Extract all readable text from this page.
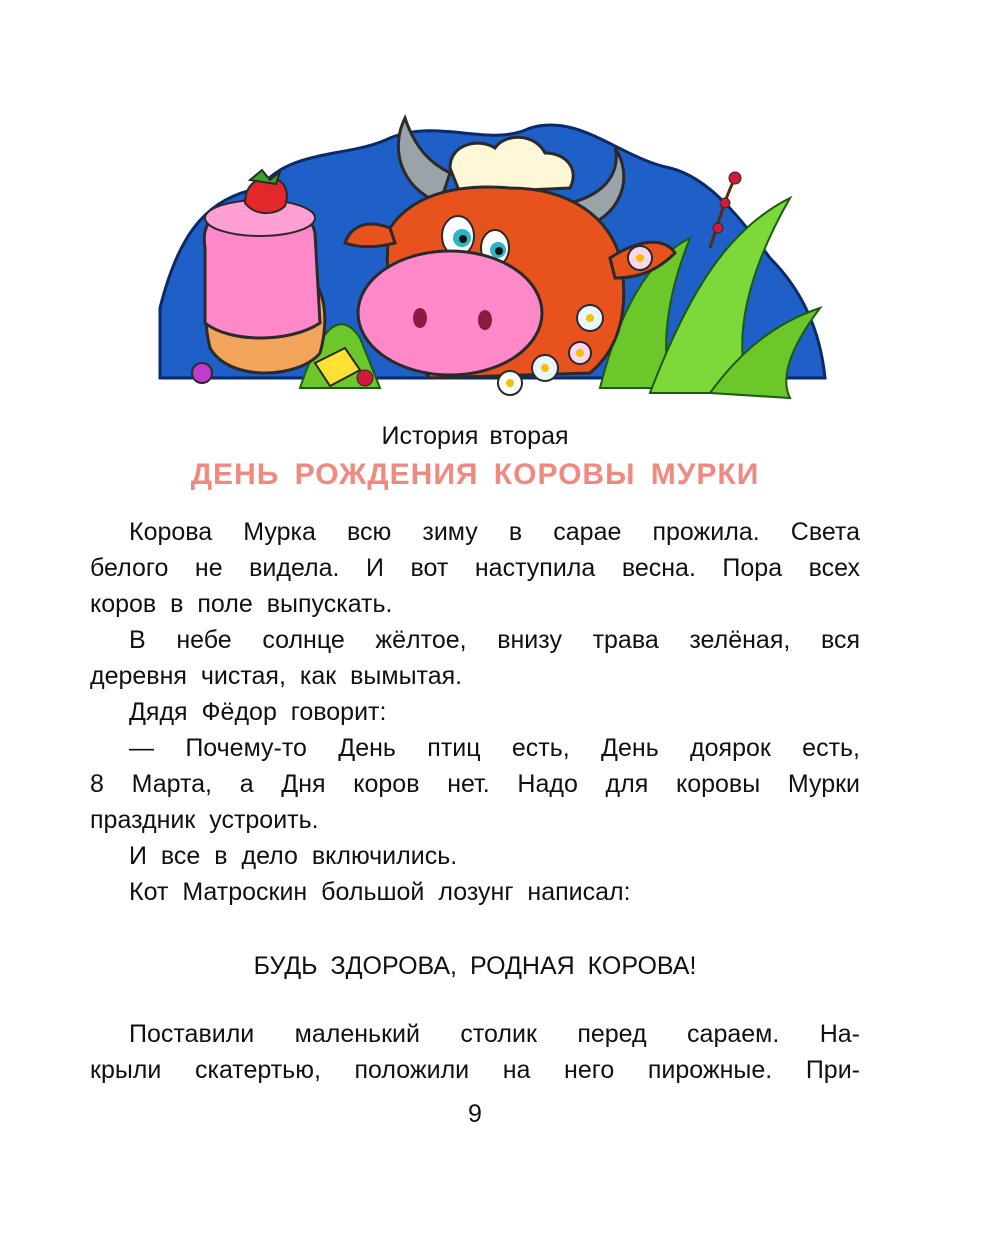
История вторая
ДЕНЬ РОЖДЕНИЯ КОРОВЫ МУРКИ
Корова Мурка всю зиму в сарае прожила. Света
белого не видела. И вот наступила весна. Пора всех
коров в поле выпускать.
В небе солнце жёлтое, внизу трава зелёная, вся
деревня чистая, как вымытая.
Дядя Фёдор говорит:
— Почему-то День птиц есть, День доярок есть,
8 Марта, а Дня коров нет. Надо для коровы Мурки
праздник устроить.
И все в дело включились.
Кот Матроскин большой лозунг написал:
БУДЬ ЗДОРОВА, РОДНАЯ КОРОВА!
Поставили маленький столик перед сараем. На-
крыли скатертью, положили на него пирожные. При-
9
